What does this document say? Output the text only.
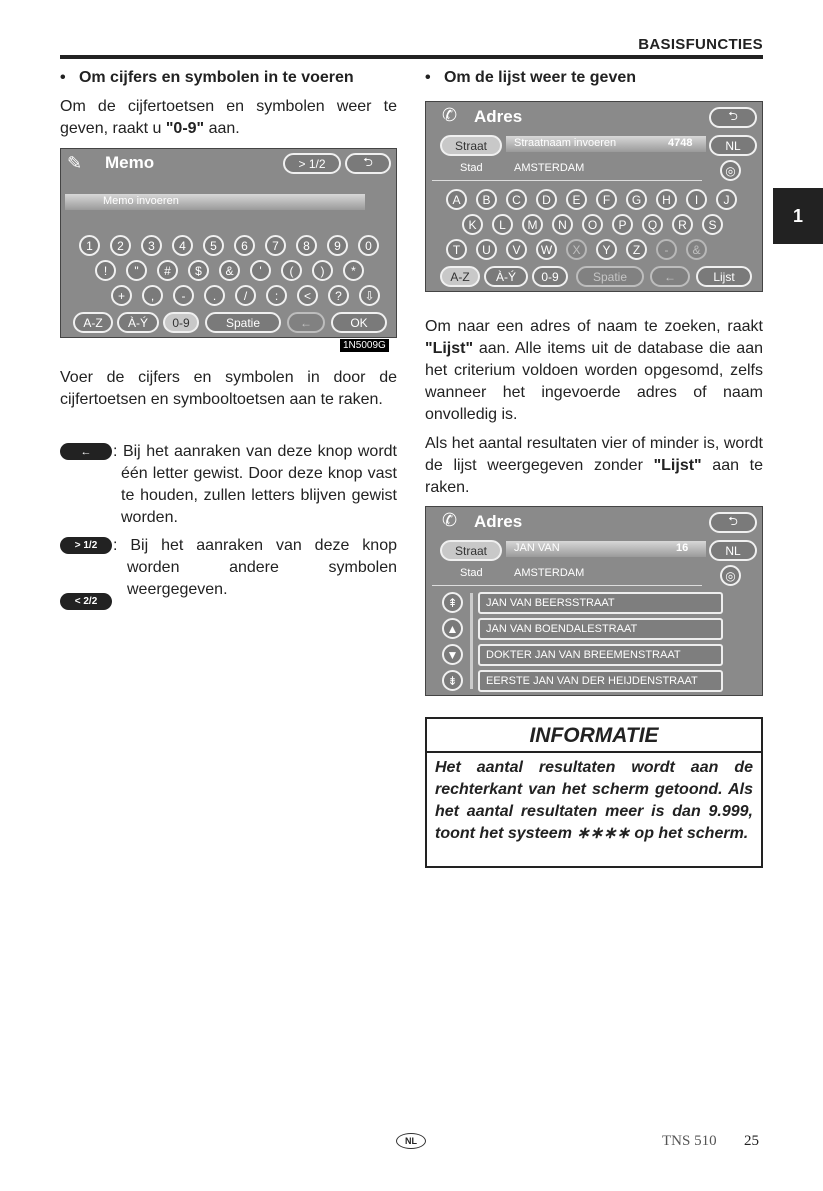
BASISFUNCTIES
1
•   Om cijfers en symbolen in te voeren
Om de cijfertoetsen en symbolen weer te geven, raakt u "0-9" aan.
✎	Memo	> 1/2	⮌
Memo invoeren
1	2	3	4	5	6	7	8	9	0
!	"	#	$	&	'	(	)	*
+	,	-	.	/	:	<	?	⇩
A-Z	À-Ý	0-9	Spatie	←	OK
1N5009G
Voer de cijfers en symbolen in door de cijfertoetsen en symbooltoetsen aan te raken.
←	: Bij het aanraken van deze knop wordt één letter gewist. Door deze knop vast te houden, zullen letters blijven gewist worden.
> 1/2
< 2/2
: Bij het aanraken van deze knop worden andere symbolen weergegeven.
•   Om de lijst weer te geven
✆ Adres	⮌
Straat	Straatnaam invoeren	4748	NL
Stad	AMSTERDAM	◎
A	B	C	D	E	F	G	H	I	J
K	L	M	N	O	P	Q	R	S
T	U	V	W	X	Y	Z	-	&
A-Z	À-Ý	0-9	Spatie	←	Lijst
Om naar een adres of naam te zoeken, raakt "Lijst" aan. Alle items uit de database die aan het criterium voldoen worden opgesomd, zelfs wanneer het ingevoerde adres of naam onvolledig is.
Als het aantal resultaten vier of minder is, wordt de lijst weergegeven zonder "Lijst" aan te raken.
✆ Adres	⮌
Straat	JAN VAN	16	NL
Stad	AMSTERDAM	◎
⇞
▲
▼
⇟
JAN VAN BEERSSTRAAT
JAN VAN BOENDALESTRAAT
DOKTER JAN VAN BREEMENSTRAAT
EERSTE JAN VAN DER HEIJDENSTRAAT
INFORMATIE
Het aantal resultaten wordt aan de rechterkant van het scherm getoond. Als het aantal resultaten meer is dan 9.999, toont het systeem ∗∗∗∗ op het scherm.
NL	TNS 510 25
